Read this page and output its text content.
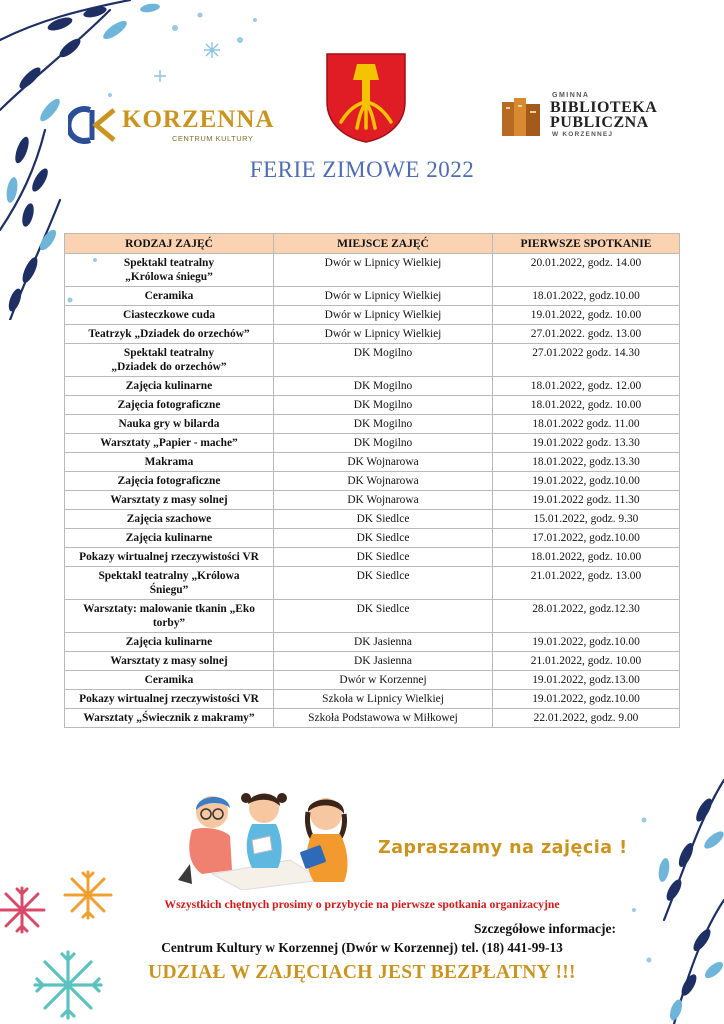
KORZENNA
CENTRUM KULTURY
GMINNA
BIBLIOTEKA
PUBLICZNA
W KORZENNEJ
FERIE ZIMOWE 2022
RODZAJ ZAJĘĆ	MIEJSCE ZAJĘĆ	PIERWSZE SPOTKANIE
Spektakl teatralny
„Królowa śniegu”	Dwór w Lipnicy Wielkiej	20.01.2022, godz. 14.00
Ceramika	Dwór w Lipnicy Wielkiej	18.01.2022, godz.10.00
Ciasteczkowe cuda	Dwór w Lipnicy Wielkiej	19.01.2022, godz. 10.00
Teatrzyk „Dziadek do orzechów”	Dwór w Lipnicy Wielkiej	27.01.2022. godz. 13.00
Spektakl teatralny
„Dziadek do orzechów”	DK Mogilno	27.01.2022 godz. 14.30
Zajęcia kulinarne	DK Mogilno	18.01.2022, godz. 12.00
Zajęcia fotograficzne	DK Mogilno	18.01.2022, godz. 10.00
Nauka gry w bilarda	DK Mogilno	18.01.2022 godz. 11.00
Warsztaty „Papier - mache”	DK Mogilno	19.01.2022 godz. 13.30
Makrama	DK Wojnarowa	18.01.2022, godz.13.30
Zajęcia fotograficzne	DK Wojnarowa	19.01.2022, godz.10.00
Warsztaty z masy solnej	DK Wojnarowa	19.01.2022 godz. 11.30
Zajęcia szachowe	DK Siedlce	15.01.2022, godz. 9.30
Zajęcia kulinarne	DK Siedlce	17.01.2022, godz.10.00
Pokazy wirtualnej rzeczywistości VR	DK Siedlce	18.01.2022, godz. 10.00
Spektakl teatralny „Królowa
Śniegu”	DK Siedlce	21.01.2022, godz. 13.00
Warsztaty: malowanie tkanin „Eko
torby”	DK Siedlce	28.01.2022, godz.12.30
Zajęcia kulinarne	DK Jasienna	19.01.2022, godz.10.00
Warsztaty z masy solnej	DK Jasienna	21.01.2022, godz. 10.00
Ceramika	Dwór w Korzennej	19.01.2022, godz.13.00
Pokazy wirtualnej rzeczywistości VR	Szkoła w Lipnicy Wielkiej	19.01.2022, godz.10.00
Warsztaty „Świecznik z makramy”	Szkoła Podstawowa w Miłkowej	22.01.2022, godz. 9.00
Zapraszamy na zajęcia !
Wszystkich chętnych prosimy o przybycie na pierwsze spotkania organizacyjne
Szczegółowe informacje:
Centrum Kultury w Korzennej (Dwór w Korzennej) tel. (18) 441-99-13
UDZIAŁ W ZAJĘCIACH JEST BEZPŁATNY !!!
